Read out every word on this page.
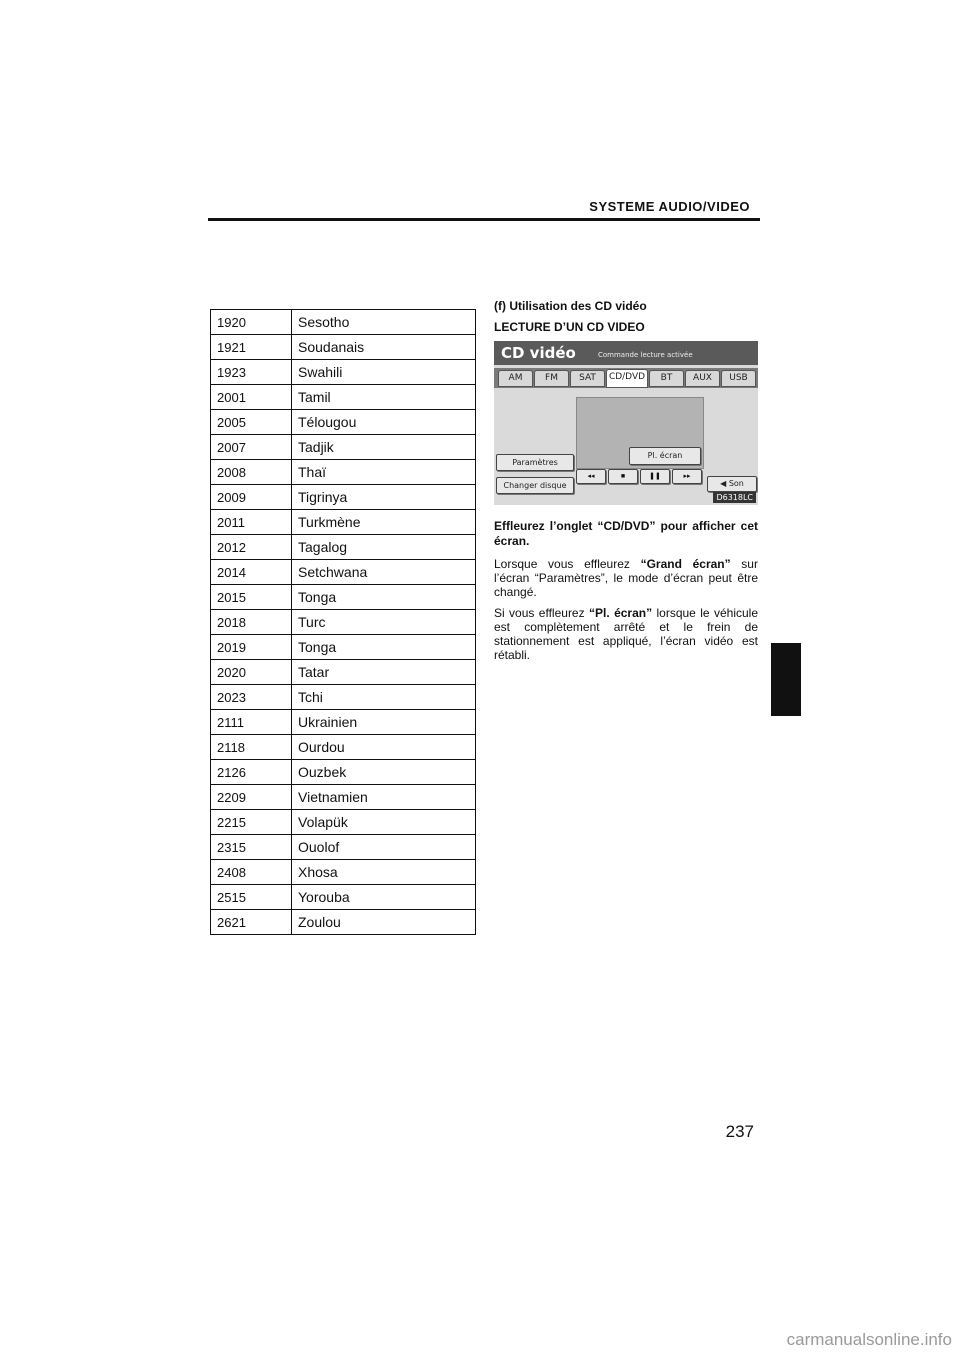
SYSTEME AUDIO/VIDEO
1920	Sesotho
1921	Soudanais
1923	Swahili
2001	Tamil
2005	Télougou
2007	Tadjik
2008	Thaï
2009	Tigrinya
2011	Turkmène
2012	Tagalog
2014	Setchwana
2015	Tonga
2018	Turc
2019	Tonga
2020	Tatar
2023	Tchi
2111	Ukrainien
2118	Ourdou
2126	Ouzbek
2209	Vietnamien
2215	Volapük
2315	Ouolof
2408	Xhosa
2515	Yorouba
2621	Zoulou
(f) Utilisation des CD vidéo
LECTURE D’UN CD VIDEO
CD vidéo	Commande lecture activée
AM	FM	SAT	CD/DVD	BT	AUX	USB
Pl. écran
Paramètres
Changer disque
◂◂	■	❚❚	▸▸
◀ Son
D6318LC
Effleurez l’onglet “CD/DVD” pour afficher cet écran.

Lorsque vous effleurez “Grand écran” sur l’écran “Paramètres”, le mode d’écran peut être changé.

Si vous effleurez “Pl. écran” lorsque le véhicule est complètement arrêté et le frein de stationnement est appliqué, l’écran vidéo est rétabli.

237
carmanualsonline.info
